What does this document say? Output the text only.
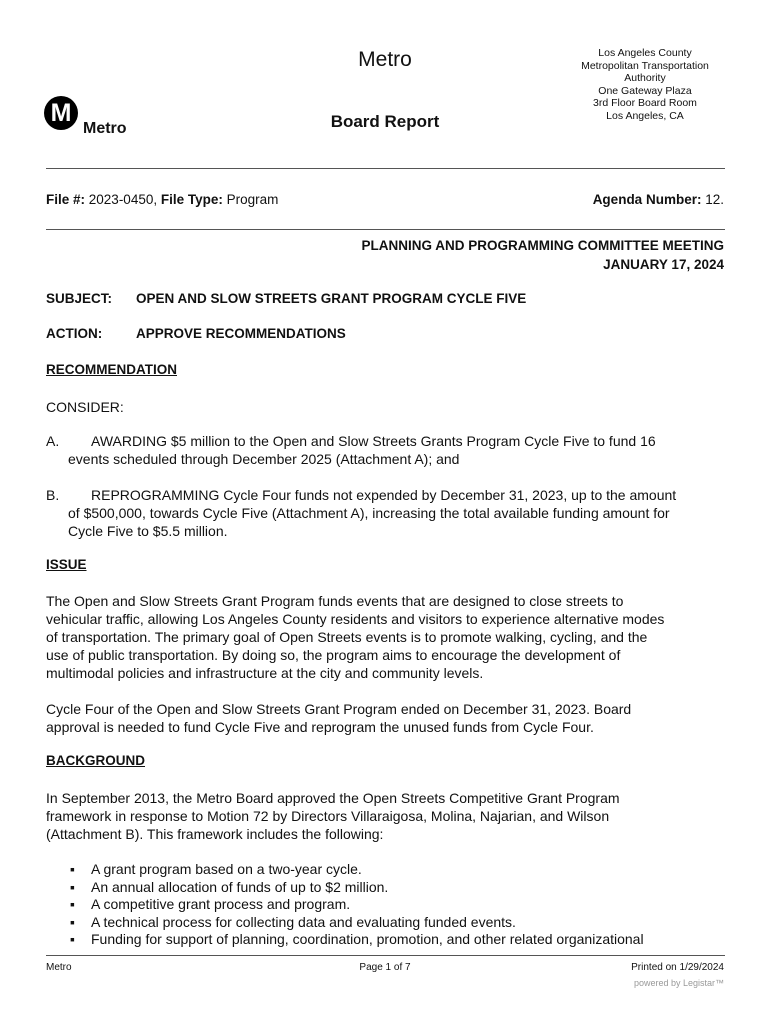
Metro
Board Report
Los Angeles County
Metropolitan Transportation
Authority
One Gateway Plaza
3rd Floor Board Room
Los Angeles, CA
M
Metro
File #: 2023-0450, File Type: Program	Agenda Number: 12.
PLANNING AND PROGRAMMING COMMITTEE MEETING
JANUARY 17, 2024
SUBJECT: OPEN AND SLOW STREETS GRANT PROGRAM CYCLE FIVE
ACTION:	APPROVE RECOMMENDATIONS
RECOMMENDATION
CONSIDER:
A. AWARDING $5 million to the Open and Slow Streets Grants Program Cycle Five to fund 16
events scheduled through December 2025 (Attachment A); and
B. REPROGRAMMING Cycle Four funds not expended by December 31, 2023, up to the amount
of $500,000, towards Cycle Five (Attachment A), increasing the total available funding amount for
Cycle Five to $5.5 million.
ISSUE
The Open and Slow Streets Grant Program funds events that are designed to close streets to
vehicular traffic, allowing Los Angeles County residents and visitors to experience alternative modes
of transportation. The primary goal of Open Streets events is to promote walking, cycling, and the
use of public transportation. By doing so, the program aims to encourage the development of
multimodal policies and infrastructure at the city and community levels.
Cycle Four of the Open and Slow Streets Grant Program ended on December 31, 2023. Board
approval is needed to fund Cycle Five and reprogram the unused funds from Cycle Four.
BACKGROUND
In September 2013, the Metro Board approved the Open Streets Competitive Grant Program
framework in response to Motion 72 by Directors Villaraigosa, Molina, Najarian, and Wilson
(Attachment B). This framework includes the following:
▪ A grant program based on a two-year cycle.
▪ An annual allocation of funds of up to $2 million.
▪ A competitive grant process and program.
▪ A technical process for collecting data and evaluating funded events.
▪ Funding for support of planning, coordination, promotion, and other related organizational
Metro	Page 1 of 7	Printed on 1/29/2024
powered by Legistar™
